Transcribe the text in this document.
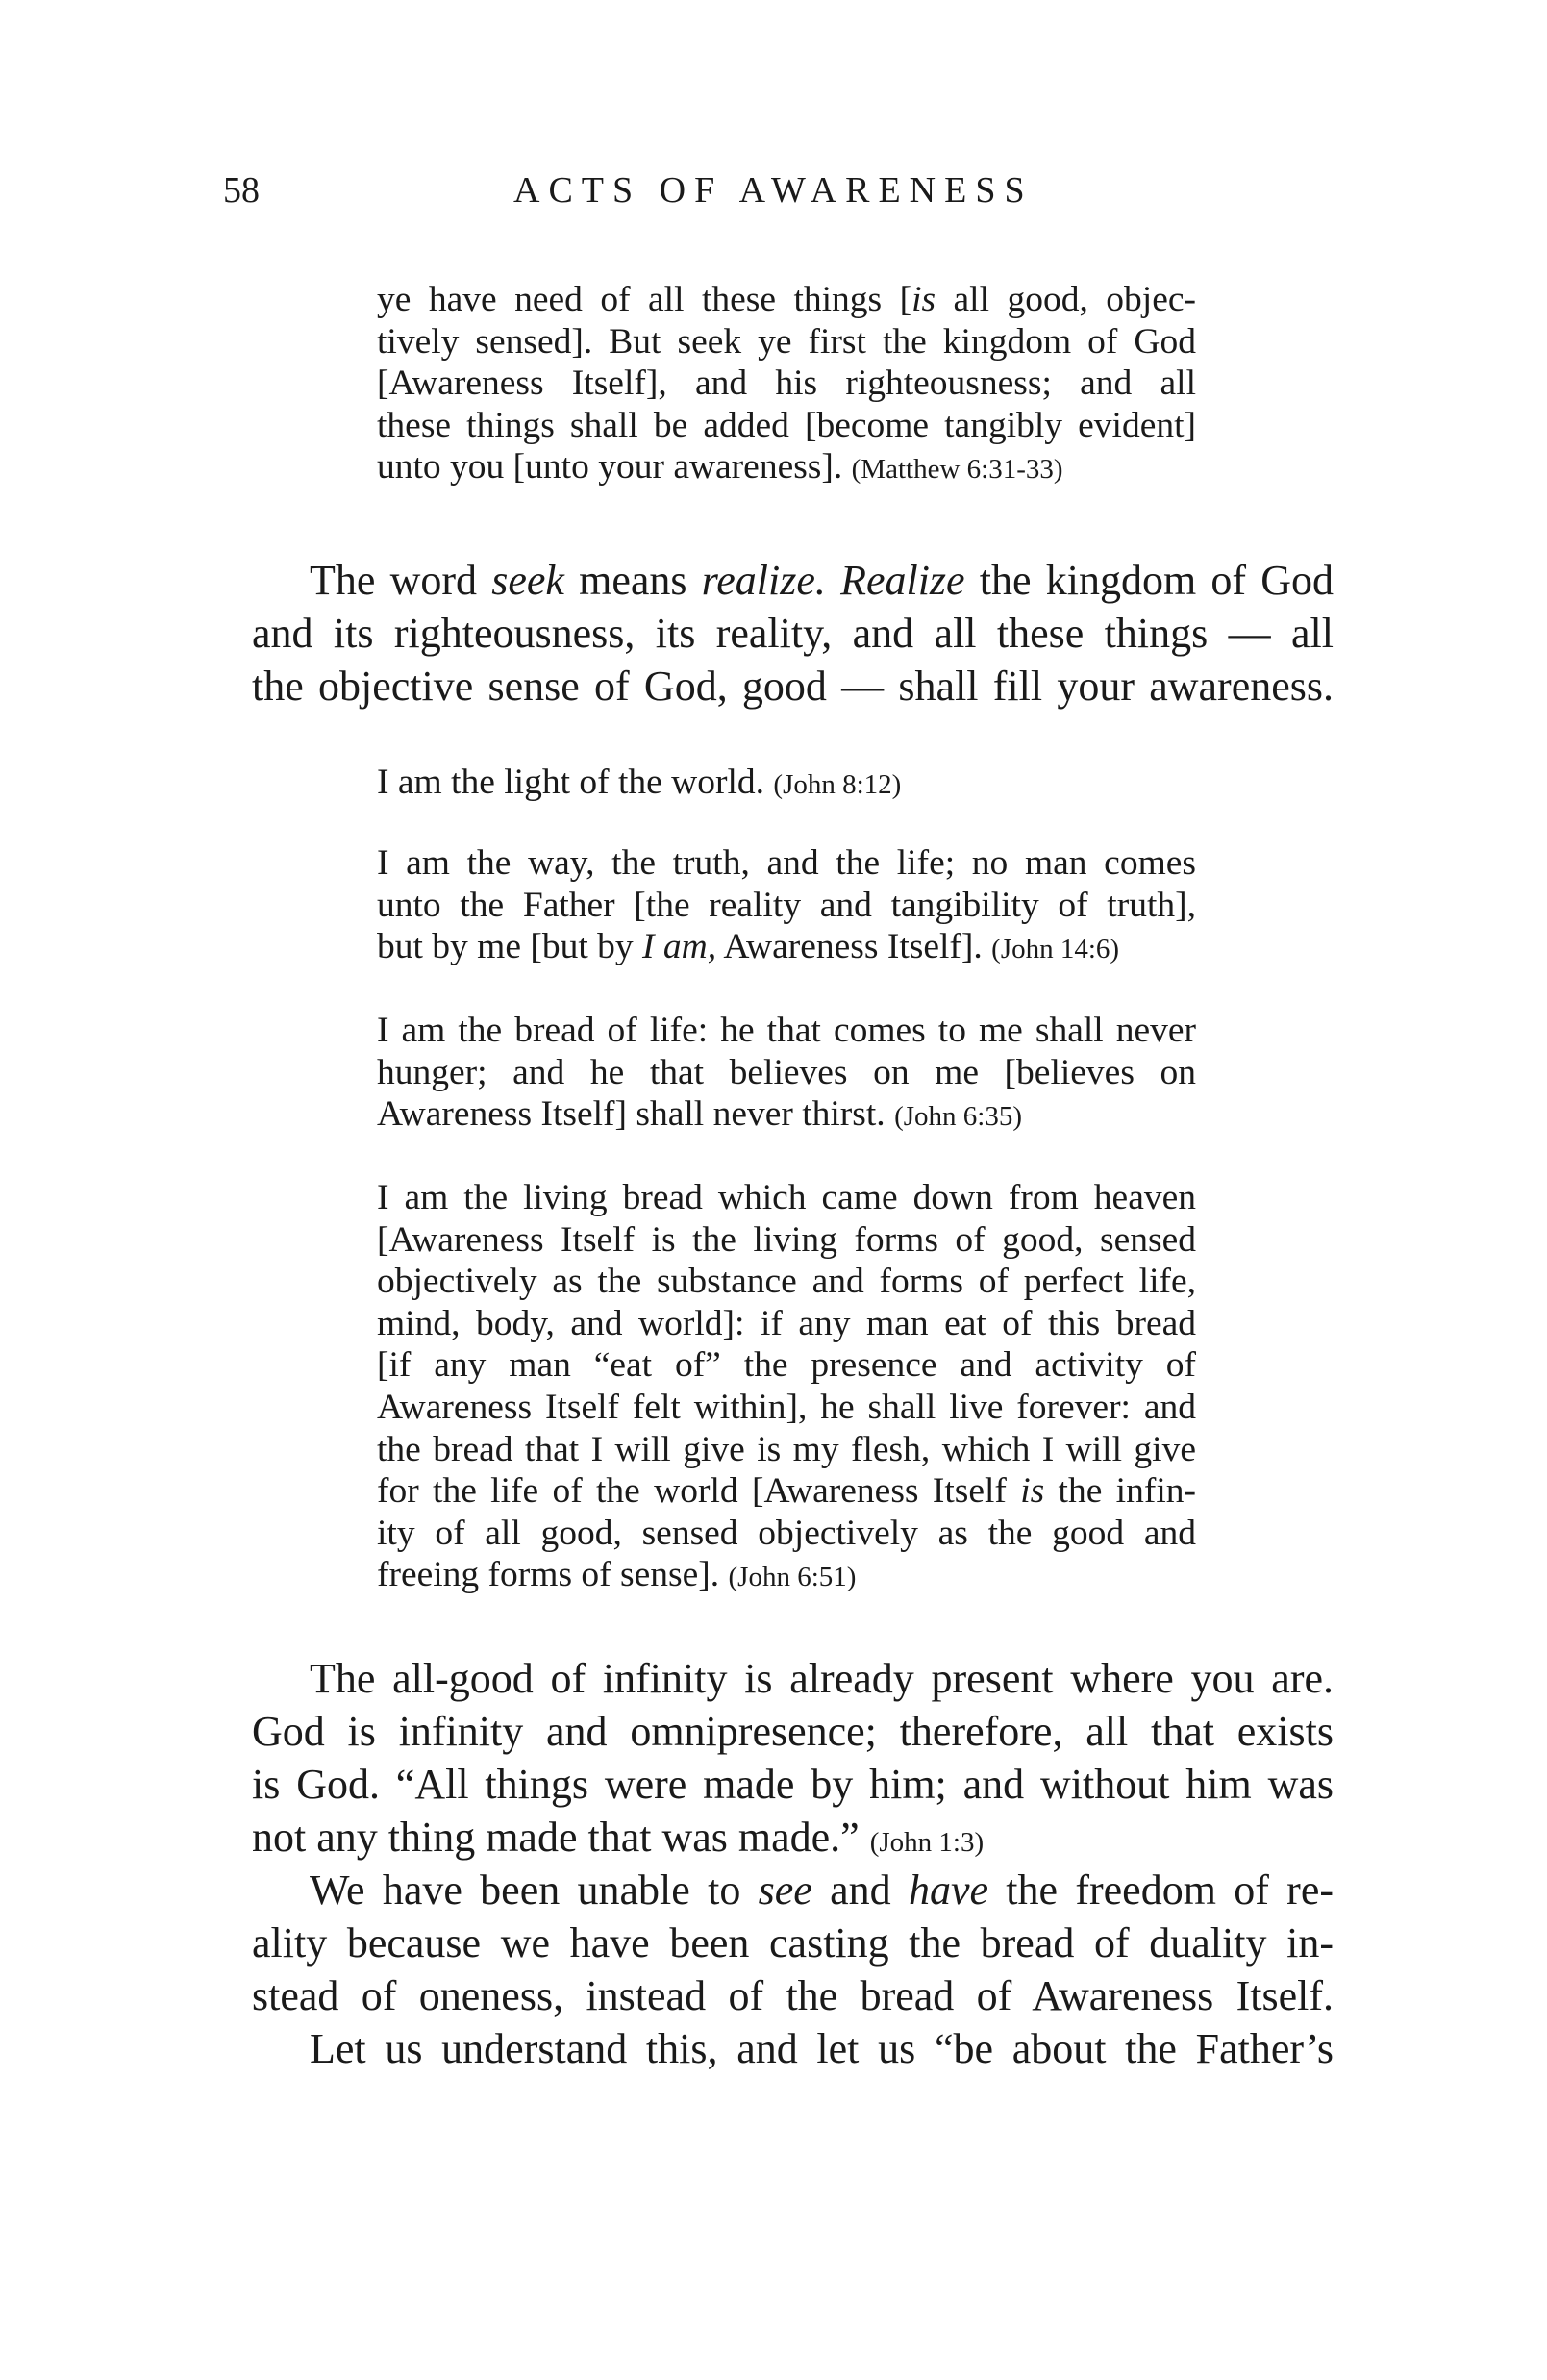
58	ACTS OF AWARENESS
ye have need of all these things [is all good, objec-
tively sensed]. But seek ye first the kingdom of God
[Awareness Itself], and his righteousness; and all
these things shall be added [become tangibly evident]
unto you [unto your awareness]. (Matthew 6:31-33)
The word seek means realize. Realize the kingdom of God
and its righteousness, its reality, and all these things — all
the objective sense of God, good — shall fill your awareness.
I am the light of the world. (John 8:12)
I am the way, the truth, and the life; no man comes
unto the Father [the reality and tangibility of truth],
but by me [but by I am, Awareness Itself]. (John 14:6)
I am the bread of life: he that comes to me shall never
hunger; and he that believes on me [believes on
Awareness Itself] shall never thirst. (John 6:35)
I am the living bread which came down from heaven
[Awareness Itself is the living forms of good, sensed
objectively as the substance and forms of perfect life,
mind, body, and world]: if any man eat of this bread
[if any man “eat of” the presence and activity of
Awareness Itself felt within], he shall live forever: and
the bread that I will give is my flesh, which I will give
for the life of the world [Awareness Itself is the infin-
ity of all good, sensed objectively as the good and
freeing forms of sense]. (John 6:51)
The all-good of infinity is already present where you are.
God is infinity and omnipresence; therefore, all that exists
is God. “All things were made by him; and without him was
not any thing made that was made.” (John 1:3)
We have been unable to see and have the freedom of re-
ality because we have been casting the bread of duality in-
stead of oneness, instead of the bread of Awareness Itself.
Let us understand this, and let us “be about the Father’s
